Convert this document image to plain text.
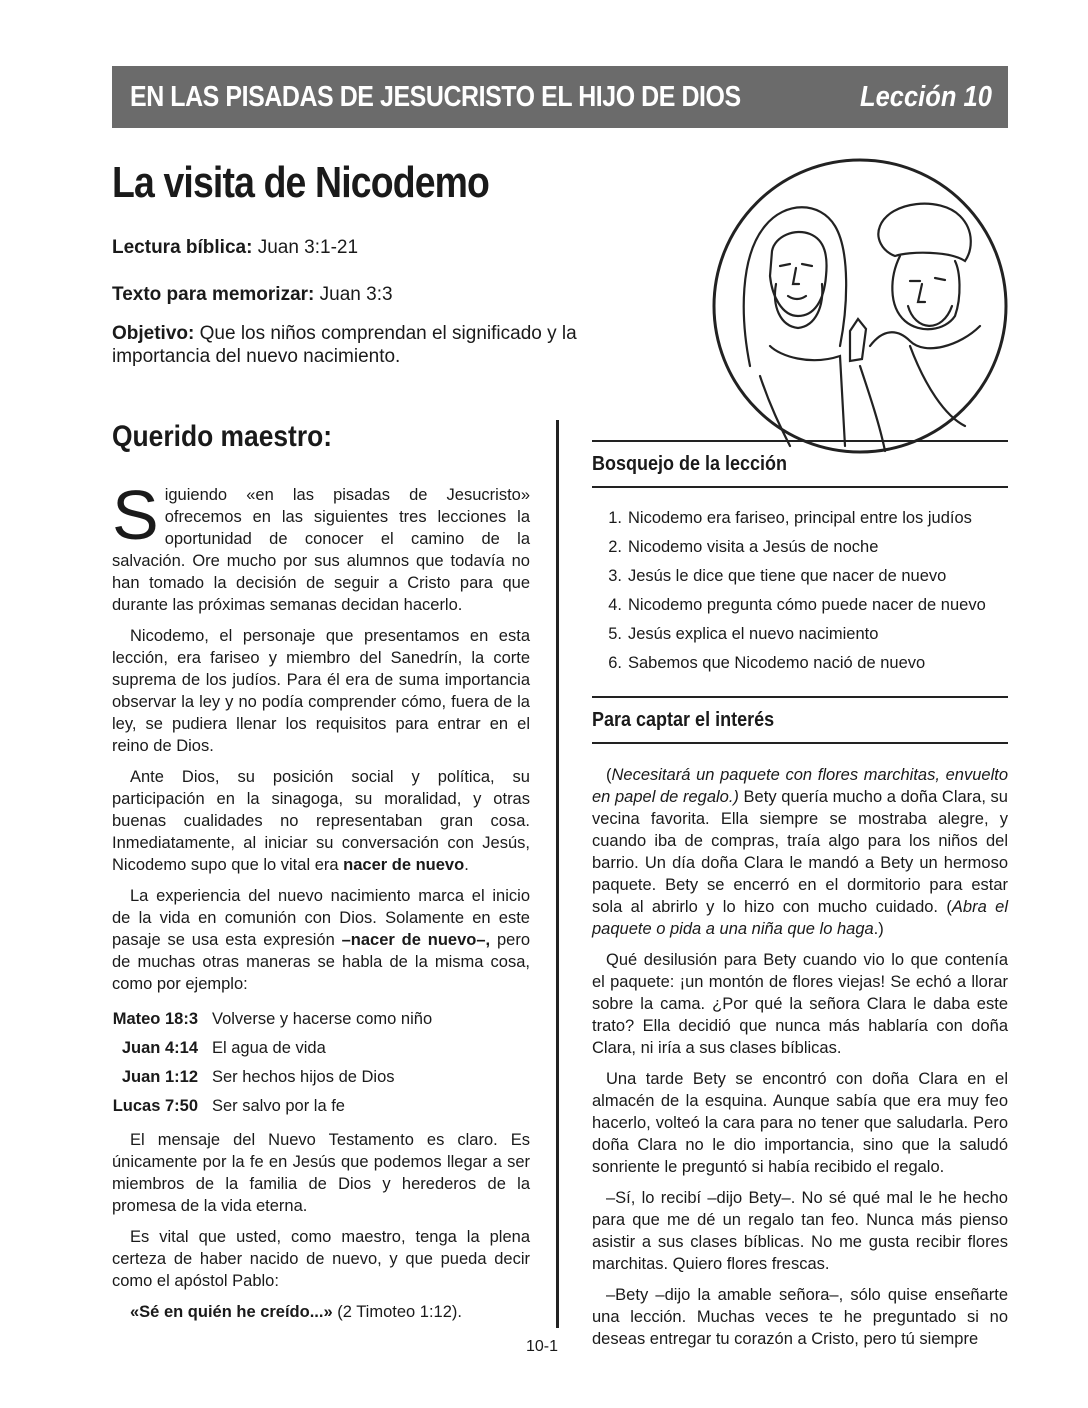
EN LAS PISADAS DE JESUCRISTO EL HIJO DE DIOS	Lección 10
La visita de Nicodemo
Lectura bíblica: Juan 3:1-21
Texto para memorizar: Juan 3:3
Objetivo: Que los niños comprendan el significado y la importancia del nuevo nacimiento.
Querido maestro:

Siguiendo «en las pisadas de Jesucristo» ofrecemos en las siguientes tres lecciones la oportunidad de conocer el camino de la salvación. Ore mucho por sus alumnos que todavía no han tomado la decisión de seguir a Cristo para que durante las próximas semanas decidan hacerlo.

Nicodemo, el personaje que presentamos en esta lección, era fariseo y miembro del Sanedrín, la corte suprema de los judíos. Para él era de suma importancia observar la ley y no podía comprender cómo, fuera de la ley, se pudiera llenar los requisitos para entrar en el reino de Dios.

Ante Dios, su posición social y política, su participación en la sinagoga, su moralidad, y otras buenas cualidades no representaban gran cosa. Inmediatamente, al iniciar su conversación con Jesús, Nicodemo supo que lo vital era nacer de nuevo.

La experiencia del nuevo nacimiento marca el inicio de la vida en comunión con Dios. Solamente en este pasaje se usa esta expresión –nacer de nuevo–, pero de muchas otras maneras se habla de la misma cosa, como por ejemplo:

Mateo 18:3 Volverse y hacerse como niño
Juan 4:14 El agua de vida
Juan 1:12 Ser hechos hijos de Dios
Lucas 7:50 Ser salvo por la fe

El mensaje del Nuevo Testamento es claro. Es únicamente por la fe en Jesús que podemos llegar a ser miembros de la familia de Dios y herederos de la promesa de la vida eterna.

Es vital que usted, como maestro, tenga la plena certeza de haber nacido de nuevo, y que pueda decir como el apóstol Pablo:

«Sé en quién he creído...» (2 Timoteo 1:12).

Bosquejo de la lección
1. Nicodemo era fariseo, principal entre los judíos
2. Nicodemo visita a Jesús de noche
3. Jesús le dice que tiene que nacer de nuevo
4. Nicodemo pregunta cómo puede nacer de nuevo
5. Jesús explica el nuevo nacimiento
6. Sabemos que Nicodemo nació de nuevo
Para captar el interés

(Necesitará un paquete con flores marchitas, envuelto en papel de regalo.) Bety quería mucho a doña Clara, su vecina favorita. Ella siempre se mostraba alegre, y cuando iba de compras, traía algo para los niños del barrio. Un día doña Clara le mandó a Bety un hermoso paquete. Bety se encerró en el dormitorio para estar sola al abrirlo y lo hizo con mucho cuidado. (Abra el paquete o pida a una niña que lo haga.)

Qué desilusión para Bety cuando vio lo que contenía el paquete: ¡un montón de flores viejas! Se echó a llorar sobre la cama. ¿Por qué la señora Clara le daba este trato? Ella decidió que nunca más hablaría con doña Clara, ni iría a sus clases bíblicas.

Una tarde Bety se encontró con doña Clara en el almacén de la esquina. Aunque sabía que era muy feo hacerlo, volteó la cara para no tener que saludarla. Pero doña Clara no le dio importancia, sino que la saludó sonriente le preguntó si había recibido el regalo.

–Sí, lo recibí –dijo Bety–. No sé qué mal le he hecho para que me dé un regalo tan feo. Nunca más pienso asistir a sus clases bíblicas. No me gusta recibir flores marchitas. Quiero flores frescas.

–Bety –dijo la amable señora–, sólo quise enseñarte una lección. Muchas veces te he preguntado si no deseas entregar tu corazón a Cristo, pero tú siempre

10-1
